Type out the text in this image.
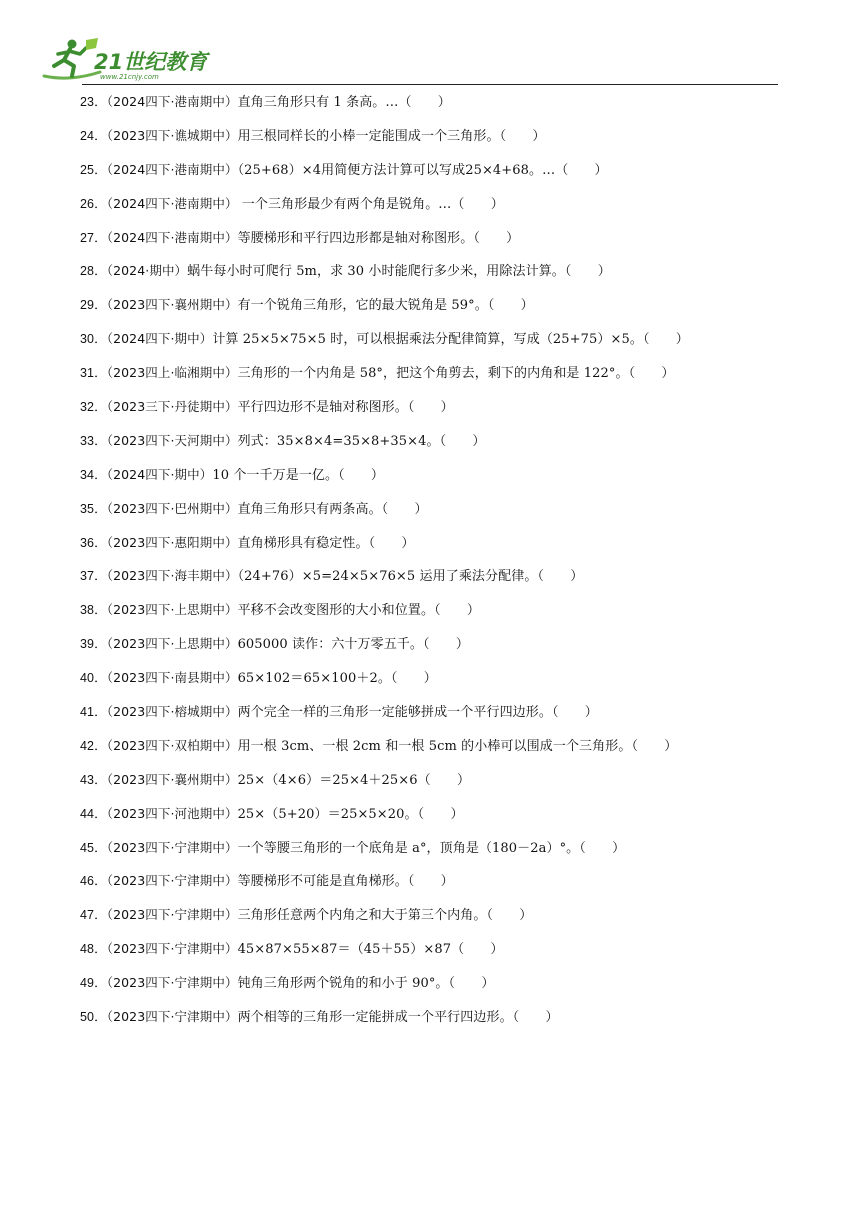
21世纪教育
www.21cnjy.com
23．（2024四下·港南期中）直角三角形只有 1 条高。…（　　）
24．（2023四下·谯城期中）用三根同样长的小棒一定能围成一个三角形。（　　）
25．（2024四下·港南期中）（25+68）×4用简便方法计算可以写成25×4+68。…（　　）
26．（2024四下·港南期中） 一个三角形最少有两个角是锐角。…（　　）
27．（2024四下·港南期中）等腰梯形和平行四边形都是轴对称图形。（　　）
28．（2024·期中）蜗牛每小时可爬行 5m，求 30 小时能爬行多少米，用除法计算。（　　）
29．（2023四下·襄州期中）有一个锐角三角形，它的最大锐角是 59°。（　　）
30．（2024四下·期中）计算 25×5×75×5 时，可以根据乘法分配律简算，写成（25+75）×5。（　　）
31．（2023四上·临湘期中）三角形的一个内角是 58°，把这个角剪去，剩下的内角和是 122°。（　　）
32．（2023三下·丹徒期中）平行四边形不是轴对称图形。（　　）
33．（2023四下·天河期中）列式：35×8×4=35×8+35×4。（　　）
34．（2024四下·期中）10 个一千万是一亿。（　　）
35．（2023四下·巴州期中）直角三角形只有两条高。（　　）
36．（2023四下·惠阳期中）直角梯形具有稳定性。（　　）
37．（2023四下·海丰期中）（24+76）×5=24×5×76×5 运用了乘法分配律。（　　）
38．（2023四下·上思期中）平移不会改变图形的大小和位置。（　　）
39．（2023四下·上思期中）605000 读作：六十万零五千。（　　）
40．（2023四下·南县期中）65×102＝65×100＋2。（　　）
41．（2023四下·榕城期中）两个完全一样的三角形一定能够拼成一个平行四边形。（　　）
42．（2023四下·双柏期中）用一根 3cm、一根 2cm 和一根 5cm 的小棒可以围成一个三角形。（　　）
43．（2023四下·襄州期中）25×（4×6）＝25×4＋25×6（　　）
44．（2023四下·河池期中）25×（5+20）＝25×5×20。（　　）
45．（2023四下·宁津期中）一个等腰三角形的一个底角是 a°，顶角是（180－2a）°。（　　）
46．（2023四下·宁津期中）等腰梯形不可能是直角梯形。（　　）
47．（2023四下·宁津期中）三角形任意两个内角之和大于第三个内角。（　　）
48．（2023四下·宁津期中）45×87×55×87＝（45＋55）×87（　　）
49．（2023四下·宁津期中）钝角三角形两个锐角的和小于 90°。（　　）
50．（2023四下·宁津期中）两个相等的三角形一定能拼成一个平行四边形。（　　）
